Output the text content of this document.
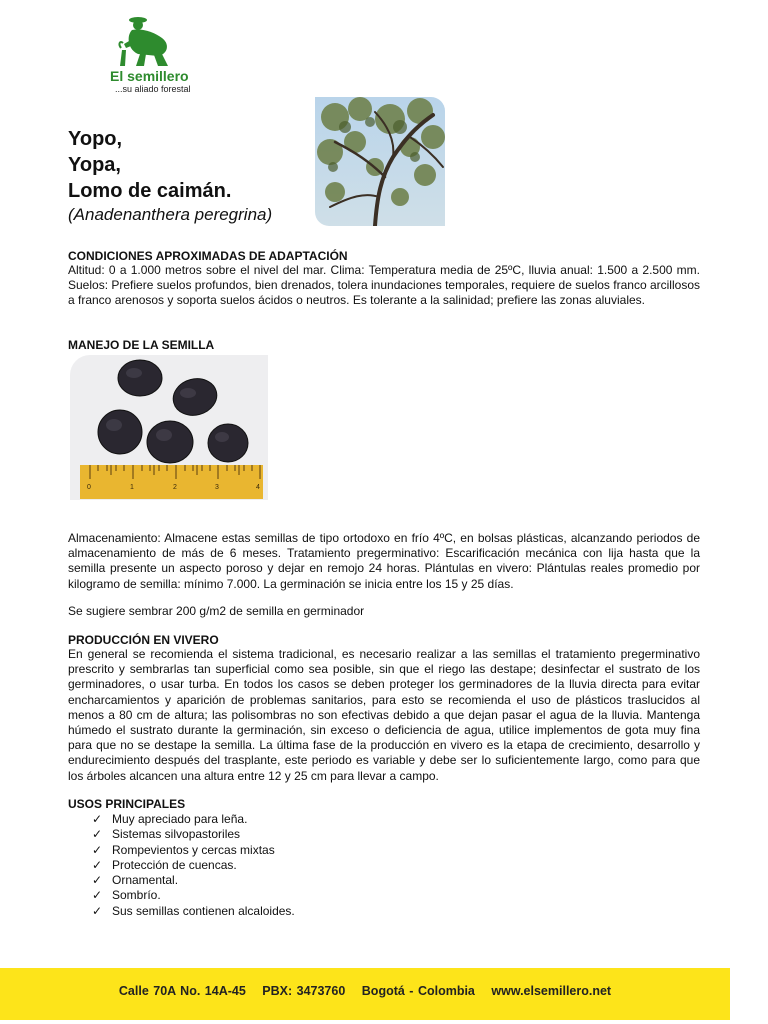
El semillero
...su aliado forestal
Yopo,
Yopa,
Lomo de caimán.
(Anadenanthera peregrina)
CONDICIONES APROXIMADAS DE ADAPTACIÓN
Altitud: 0 a 1.000 metros sobre el nivel del mar. Clima: Temperatura media de 25ºC, lluvia anual: 1.500 a 2.500 mm. Suelos: Prefiere suelos profundos, bien drenados, tolera inundaciones temporales, requiere de suelos franco arcillosos a franco arenosos y soporta suelos ácidos o neutros. Es tolerante a la salinidad; prefiere las zonas aluviales.
MANEJO DE LA SEMILLA
0	1	2	3	4
Almacenamiento: Almacene estas semillas de tipo ortodoxo en frío 4ºC, en bolsas plásticas, alcanzando periodos de almacenamiento de más de 6 meses. Tratamiento pregerminativo: Escarificación mecánica con lija hasta que la semilla presente un aspecto poroso y dejar en remojo 24 horas. Plántulas en vivero: Plántulas reales promedio por kilogramo de semilla: mínimo 7.000. La germinación se inicia entre los 15 y 25 días.
Se sugiere sembrar 200 g/m2 de semilla en germinador
PRODUCCIÓN EN VIVERO
En general se recomienda el sistema tradicional, es necesario realizar a las semillas el tratamiento pregerminativo prescrito y sembrarlas tan superficial como sea posible, sin que el riego las destape; desinfectar el sustrato de los germinadores, o usar turba. En todos los casos se deben proteger los germinadores de la lluvia directa para evitar encharcamientos y aparición de problemas sanitarios, para esto se recomienda el uso de plásticos traslucidos al menos a 80 cm de altura; las polisombras no son efectivas debido a que dejan pasar el agua de la lluvia. Mantenga húmedo el sustrato durante la germinación, sin exceso o deficiencia de agua, utilice implementos de gota muy fina para que no se destape la semilla. La última fase de la producción en vivero es la etapa de crecimiento, desarrollo y endurecimiento después del trasplante, este periodo es variable y debe ser lo suficientemente largo, como para que los árboles alcancen una altura entre 12 y 25 cm para llevar a campo.
USOS PRINCIPALES
✓ Muy apreciado para leña.
✓ Sistemas silvopastoriles
✓ Rompevientos y cercas mixtas
✓ Protección de cuencas.
✓ Ornamental.
✓ Sombrío.
✓ Sus semillas contienen alcaloides.
Calle 70A No. 14A-45 PBX: 3473760 Bogotá - Colombia www.elsemillero.net
